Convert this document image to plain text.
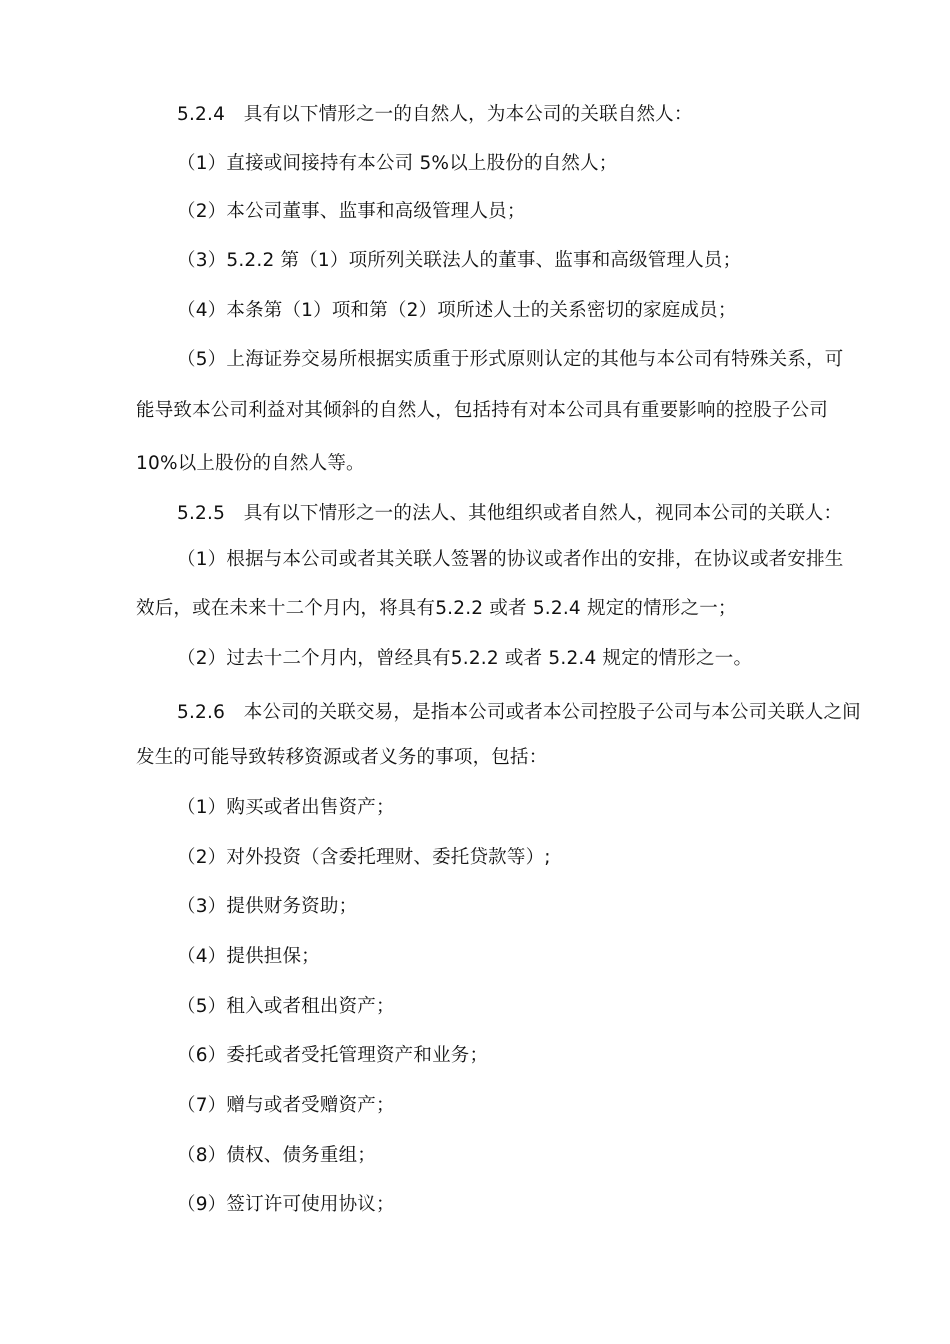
5.2.4　具有以下情形之一的自然人，为本公司的关联自然人：
（1）直接或间接持有本公司 5%以上股份的自然人；
（2）本公司董事、监事和高级管理人员；
（3）5.2.2 第（1）项所列关联法人的董事、监事和高级管理人员；
（4）本条第（1）项和第（2）项所述人士的关系密切的家庭成员；
（5）上海证券交易所根据实质重于形式原则认定的其他与本公司有特殊关系，可
能导致本公司利益对其倾斜的自然人，包括持有对本公司具有重要影响的控股子公司
10%以上股份的自然人等。
5.2.5　具有以下情形之一的法人、其他组织或者自然人，视同本公司的关联人：
（1）根据与本公司或者其关联人签署的协议或者作出的安排，在协议或者安排生
效后，或在未来十二个月内，将具有5.2.2 或者 5.2.4 规定的情形之一；
（2）过去十二个月内，曾经具有5.2.2 或者 5.2.4 规定的情形之一。
5.2.6　本公司的关联交易，是指本公司或者本公司控股子公司与本公司关联人之间
发生的可能导致转移资源或者义务的事项，包括：
（1）购买或者出售资产；
（2）对外投资（含委托理财、委托贷款等）;
（3）提供财务资助；
（4）提供担保；
（5）租入或者租出资产；
（6）委托或者受托管理资产和业务；
（7）赠与或者受赠资产；
（8）债权、债务重组；
（9）签订许可使用协议；
